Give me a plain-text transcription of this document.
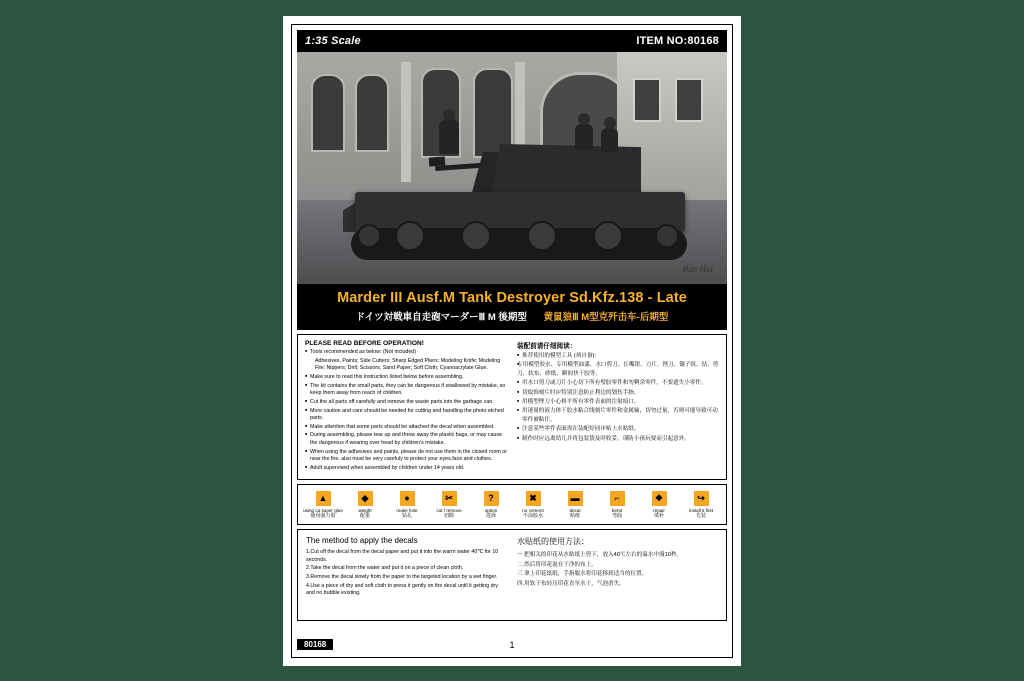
1:35 Scale	ITEM NO:80168
Ran Hui
Marder III Ausf.M Tank Destroyer Sd.Kfz.138 - Late
ドイツ対戦車自走砲マーダーⅢ M 後期型 黄鼠狼Ⅲ M型克歼击车-后期型

PLEASE READ BEFORE OPERATION!

■ Tools recommended as below: (Not included)
Adhesives, Paints; Side Cutters; Sharp Edged Pliers; Modeling Knife; Modeling File; Nippers; Drill; Scissors; Sand Paper; Soft Cloth; Cyanoacrylate Glue.
■ Make sure to read this instruction listed below before assembling.
■ The kit contains the small parts, they can be dangerous if swallowed by mistake, so keep them away from reach of children.
■ Cut the all parts off carefully and remove the waste parts into the garbage can.
■ More caution and care should be needed for cutting and handling the photo etched parts.
■ Make attention that some parts should be attached the decal when assembled.
■ During assembling, please tear up and throw away the plastic bags, or may cause the dangerous if wearing over head by children's mistake.
■ When using the adhesives and paints, please do not use them in the closed room or near the fire, also must be very carefuly to protect your eyes,face and clothes.
■ Adult supervised when assembled by children under 14 years old.

装配前请仔细阅读：

■ 推荐使用的模型工具 (须自备)：
■ 专用模型胶水、专用模型油漆、水口剪刀、长嘴钳、刀片、锉刀、镊子组、钻、剪刀、软布、砂纸、瞬间快干胶等。
■ 用水口剪刀或刀片小心切下所有璧胶零件和勿剩余零件，不要遗失小零件。
■ 切取饰刻片时应特别注意防止利边的划伤手指。
■ 用模型锉刀小心修平所有零件表面的注射痕口。
■ 用迷量的液力体干胶水粘合线刻片零件和金属轴，切勿过量，否则可能导致可动零件被粘住。
■ 注意某些零件表面需在装配好同步贴上水贴纸。
■ 制作时应远离幼儿并将包装袋及时收妥，谨防小孩玩耍而引起意外。
▲
using ca super glue
使用强力胶
◆
weight
配重
●
make hole
钻孔
✂
cut / remove
切除
?
option
选择
✖
no cement
不涂胶水
▬
decal
贴纸
⌐
bend
弯曲
❖
repair
填补
↪
install it first
先装

The method to apply the decals

1.Cut off the decal from the decal paper and put it into the warm water 40℃ for 10 seconds.
2.Take the decal from the water and put it on a piece of clean cloth.
3.Remove the decal slowly from the paper to the targeted location by a wet finger.
4.Use a piece of dry and soft cloth to press it gently on the decal until it getting dry and no bubble existing.

水贴纸的使用方法：

一.把相关的印花从水贴纸上剪下，放入40℃左右的温水中漫10秒。
二.然后将印花混在于净的布上。
三.拿上印花纸纸，手指服水将印花移到适当的位置。
四.用软干布轻压印花直至水干，气泡消失。
80168	1
